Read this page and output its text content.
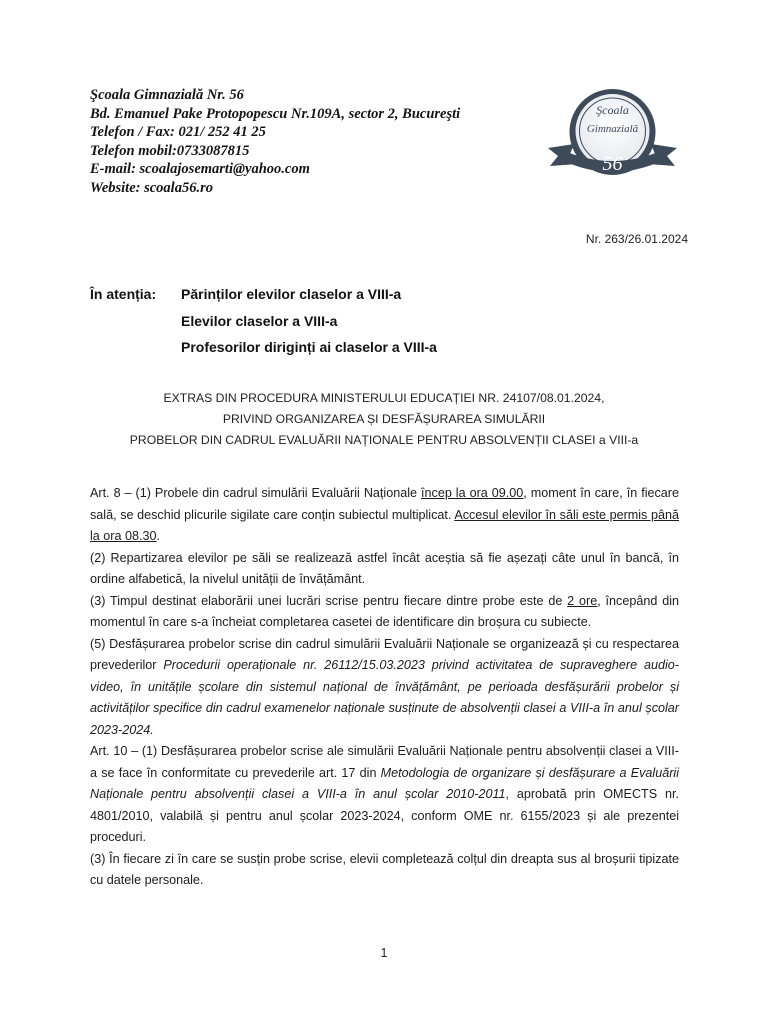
Şcoala Gimnazială Nr. 56
Bd. Emanuel Pake Protopopescu Nr.109A, sector 2, Bucureşti
Telefon / Fax: 021/ 252 41 25
Telefon mobil:0733087815
E-mail: scoalajosemarti@yahoo.com
Website: scoala56.ro
Şcoala
Gimnazială
56
Nr. 263/26.01.2024
În atenția: Părinților elevilor claselor a VIII-a
Elevilor claselor a VIII-a
Profesorilor diriginți ai claselor a VIII-a
EXTRAS DIN PROCEDURA MINISTERULUI EDUCAȚIEI NR. 24107/08.01.2024,
PRIVIND ORGANIZAREA ȘI DESFĂȘURAREA SIMULĂRII
PROBELOR DIN CADRUL EVALUĂRII NAȚIONALE PENTRU ABSOLVENȚII CLASEI a VIII-a

Art. 8 – (1) Probele din cadrul simulării Evaluării Naționale încep la ora 09.00, moment în care, în fiecare sală, se deschid plicurile sigilate care conțin subiectul multiplicat. Accesul elevilor în săli este permis până la ora 08.30.

(2) Repartizarea elevilor pe săli se realizează astfel încât aceștia să fie așezați câte unul în bancă, în ordine alfabetică, la nivelul unității de învățământ.

(3) Timpul destinat elaborării unei lucrări scrise pentru fiecare dintre probe este de 2 ore, începând din momentul în care s-a încheiat completarea casetei de identificare din broșura cu subiecte.

(5) Desfășurarea probelor scrise din cadrul simulării Evaluării Naționale se organizează și cu respectarea prevederilor Procedurii operaționale nr. 26112/15.03.2023 privind activitatea de supraveghere audio-video, în unitățile școlare din sistemul național de învățământ, pe perioada desfășurării probelor și activităților specifice din cadrul examenelor naționale susținute de absolvenții clasei a VIII-a în anul școlar 2023-2024.

Art. 10 – (1) Desfășurarea probelor scrise ale simulării Evaluării Naționale pentru absolvenții clasei a VIII-a se face în conformitate cu prevederile art. 17 din Metodologia de organizare și desfășurare a Evaluării Naționale pentru absolvenții clasei a VIII-a în anul școlar 2010-2011, aprobată prin OMECTS nr. 4801/2010, valabilă și pentru anul școlar 2023-2024, conform OME nr. 6155/2023 și ale prezentei proceduri.

(3) În fiecare zi în care se susțin probe scrise, elevii completează colțul din dreapta sus al broșurii tipizate cu datele personale.

1
